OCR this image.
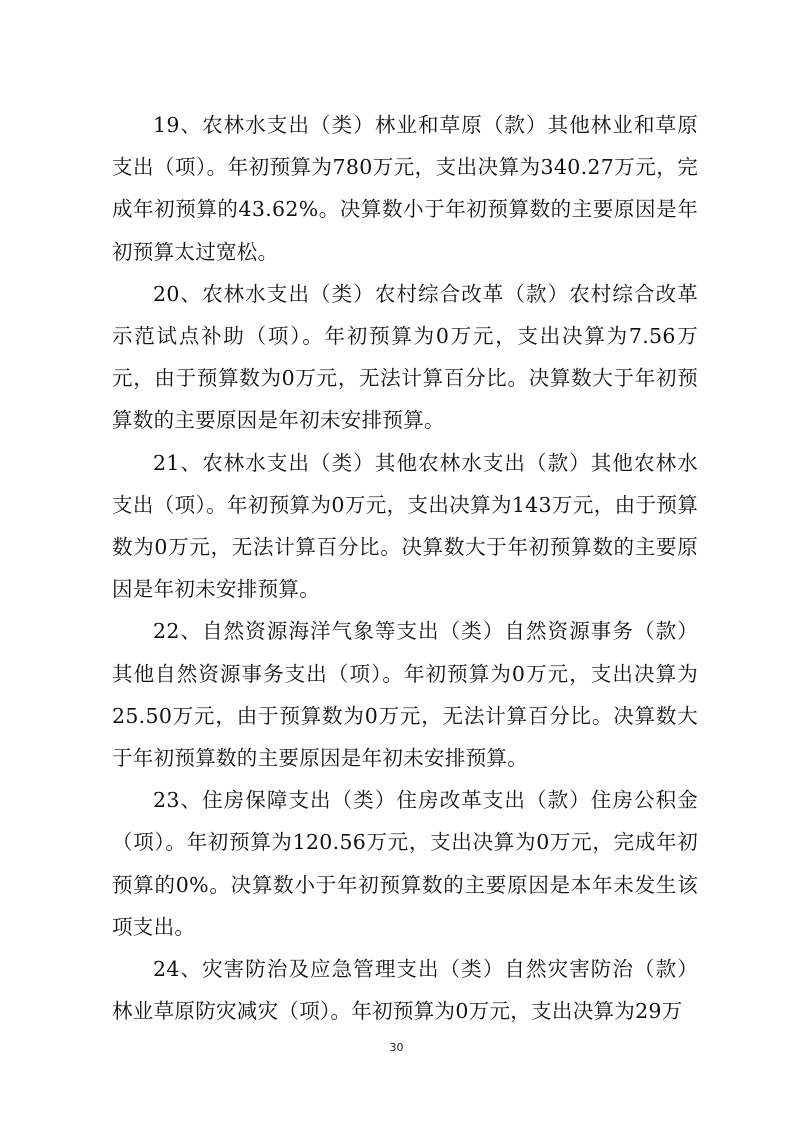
19、农林水支出（类）林业和草原（款）其他林业和草原支出（项）。年初预算为780万元，支出决算为340.27万元，完成年初预算的43.62%。决算数小于年初预算数的主要原因是年初预算太过宽松。

20、农林水支出（类）农村综合改革（款）农村综合改革示范试点补助（项）。年初预算为0万元，支出决算为7.56万元，由于预算数为0万元，无法计算百分比。决算数大于年初预算数的主要原因是年初未安排预算。

21、农林水支出（类）其他农林水支出（款）其他农林水支出（项）。年初预算为0万元，支出决算为143万元，由于预算数为0万元，无法计算百分比。决算数大于年初预算数的主要原因是年初未安排预算。

22、自然资源海洋气象等支出（类）自然资源事务（款）其他自然资源事务支出（项）。年初预算为0万元，支出决算为25.50万元，由于预算数为0万元，无法计算百分比。决算数大于年初预算数的主要原因是年初未安排预算。

23、住房保障支出（类）住房改革支出（款）住房公积金（项）。年初预算为120.56万元，支出决算为0万元，完成年初预算的0%。决算数小于年初预算数的主要原因是本年未发生该项支出。

24、灾害防治及应急管理支出（类）自然灾害防治（款）林业草原防灾减灾（项）。年初预算为0万元，支出决算为29万

30
